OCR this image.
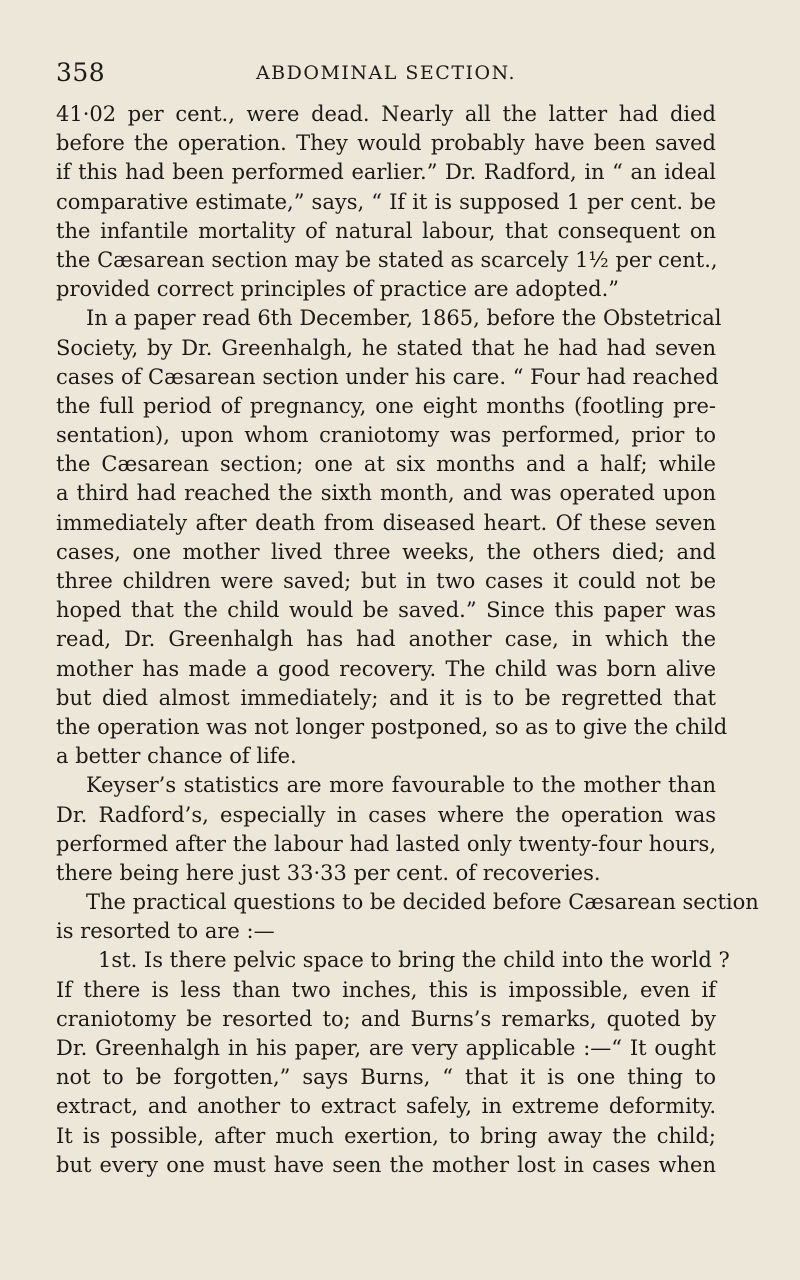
358	ABDOMINAL SECTION.
41·02 per cent., were dead. Nearly all the latter had died
before the operation. They would probably have been saved
if this had been performed earlier.” Dr. Radford, in “ an ideal
comparative estimate,” says, “ If it is supposed 1 per cent. be
the infantile mortality of natural labour, that consequent on
the Cæsarean section may be stated as scarcely 1½ per cent.,
provided correct principles of practice are adopted.”
In a paper read 6th December, 1865, before the Obstetrical
Society, by Dr. Greenhalgh, he stated that he had had seven
cases of Cæsarean section under his care. “ Four had reached
the full period of pregnancy, one eight months (footling pre-
sentation), upon whom craniotomy was performed, prior to
the Cæsarean section; one at six months and a half; while
a third had reached the sixth month, and was operated upon
immediately after death from diseased heart. Of these seven
cases, one mother lived three weeks, the others died; and
three children were saved; but in two cases it could not be
hoped that the child would be saved.” Since this paper was
read, Dr. Greenhalgh has had another case, in which the
mother has made a good recovery. The child was born alive
but died almost immediately; and it is to be regretted that
the operation was not longer postponed, so as to give the child
a better chance of life.
Keyser’s statistics are more favourable to the mother than
Dr. Radford’s, especially in cases where the operation was
performed after the labour had lasted only twenty-four hours,
there being here just 33·33 per cent. of recoveries.
The practical questions to be decided before Cæsarean section
is resorted to are :—
1st. Is there pelvic space to bring the child into the world ?
If there is less than two inches, this is impossible, even if
craniotomy be resorted to; and Burns’s remarks, quoted by
Dr. Greenhalgh in his paper, are very applicable :—“ It ought
not to be forgotten,” says Burns, “ that it is one thing to
extract, and another to extract safely, in extreme deformity.
It is possible, after much exertion, to bring away the child;
but every one must have seen the mother lost in cases when
